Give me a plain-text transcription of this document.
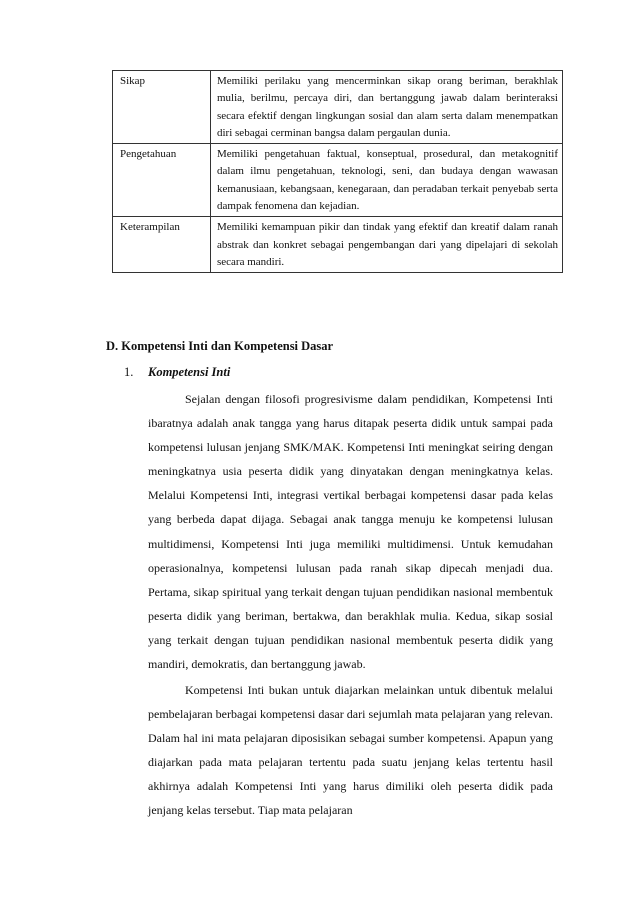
Sikap	Memiliki perilaku yang mencerminkan sikap orang beriman, berakhlak mulia, berilmu, percaya diri, dan bertanggung jawab dalam berinteraksi secara efektif dengan lingkungan sosial dan alam serta dalam menempatkan diri sebagai cerminan bangsa dalam pergaulan dunia.
Pengetahuan	Memiliki pengetahuan faktual, konseptual, prosedural, dan metakognitif dalam ilmu pengetahuan, teknologi, seni, dan budaya dengan wawasan kemanusiaan, kebangsaan, kenegaraan, dan peradaban terkait penyebab serta dampak fenomena dan kejadian.
Keterampilan	Memiliki kemampuan pikir dan tindak yang efektif dan kreatif dalam ranah abstrak dan konkret sebagai pengembangan dari yang dipelajari di sekolah secara mandiri.
D. Kompetensi Inti dan Kompetensi Dasar
1. Kompetensi Inti

Sejalan dengan filosofi progresivisme dalam pendidikan, Kompetensi Inti ibaratnya adalah anak tangga yang harus ditapak peserta didik untuk sampai pada kompetensi lulusan jenjang SMK/MAK. Kompetensi Inti meningkat seiring dengan meningkatnya usia peserta didik yang dinyatakan dengan meningkatnya kelas. Melalui Kompetensi Inti, integrasi vertikal berbagai kompetensi dasar pada kelas yang berbeda dapat dijaga. Sebagai anak tangga menuju ke kompetensi lulusan multidimensi, Kompetensi Inti juga memiliki multidimensi. Untuk kemudahan operasionalnya, kompetensi lulusan pada ranah sikap dipecah menjadi dua. Pertama, sikap spiritual yang terkait dengan tujuan pendidikan nasional membentuk peserta didik yang beriman, bertakwa, dan berakhlak mulia. Kedua, sikap sosial yang terkait dengan tujuan pendidikan nasional membentuk peserta didik yang mandiri, demokratis, dan bertanggung jawab.

Kompetensi Inti bukan untuk diajarkan melainkan untuk dibentuk melalui pembelajaran berbagai kompetensi dasar dari sejumlah mata pelajaran yang relevan. Dalam hal ini mata pelajaran diposisikan sebagai sumber kompetensi. Apapun yang diajarkan pada mata pelajaran tertentu pada suatu jenjang kelas tertentu hasil akhirnya adalah Kompetensi Inti yang harus dimiliki oleh peserta didik pada jenjang kelas tersebut. Tiap mata pelajaran
